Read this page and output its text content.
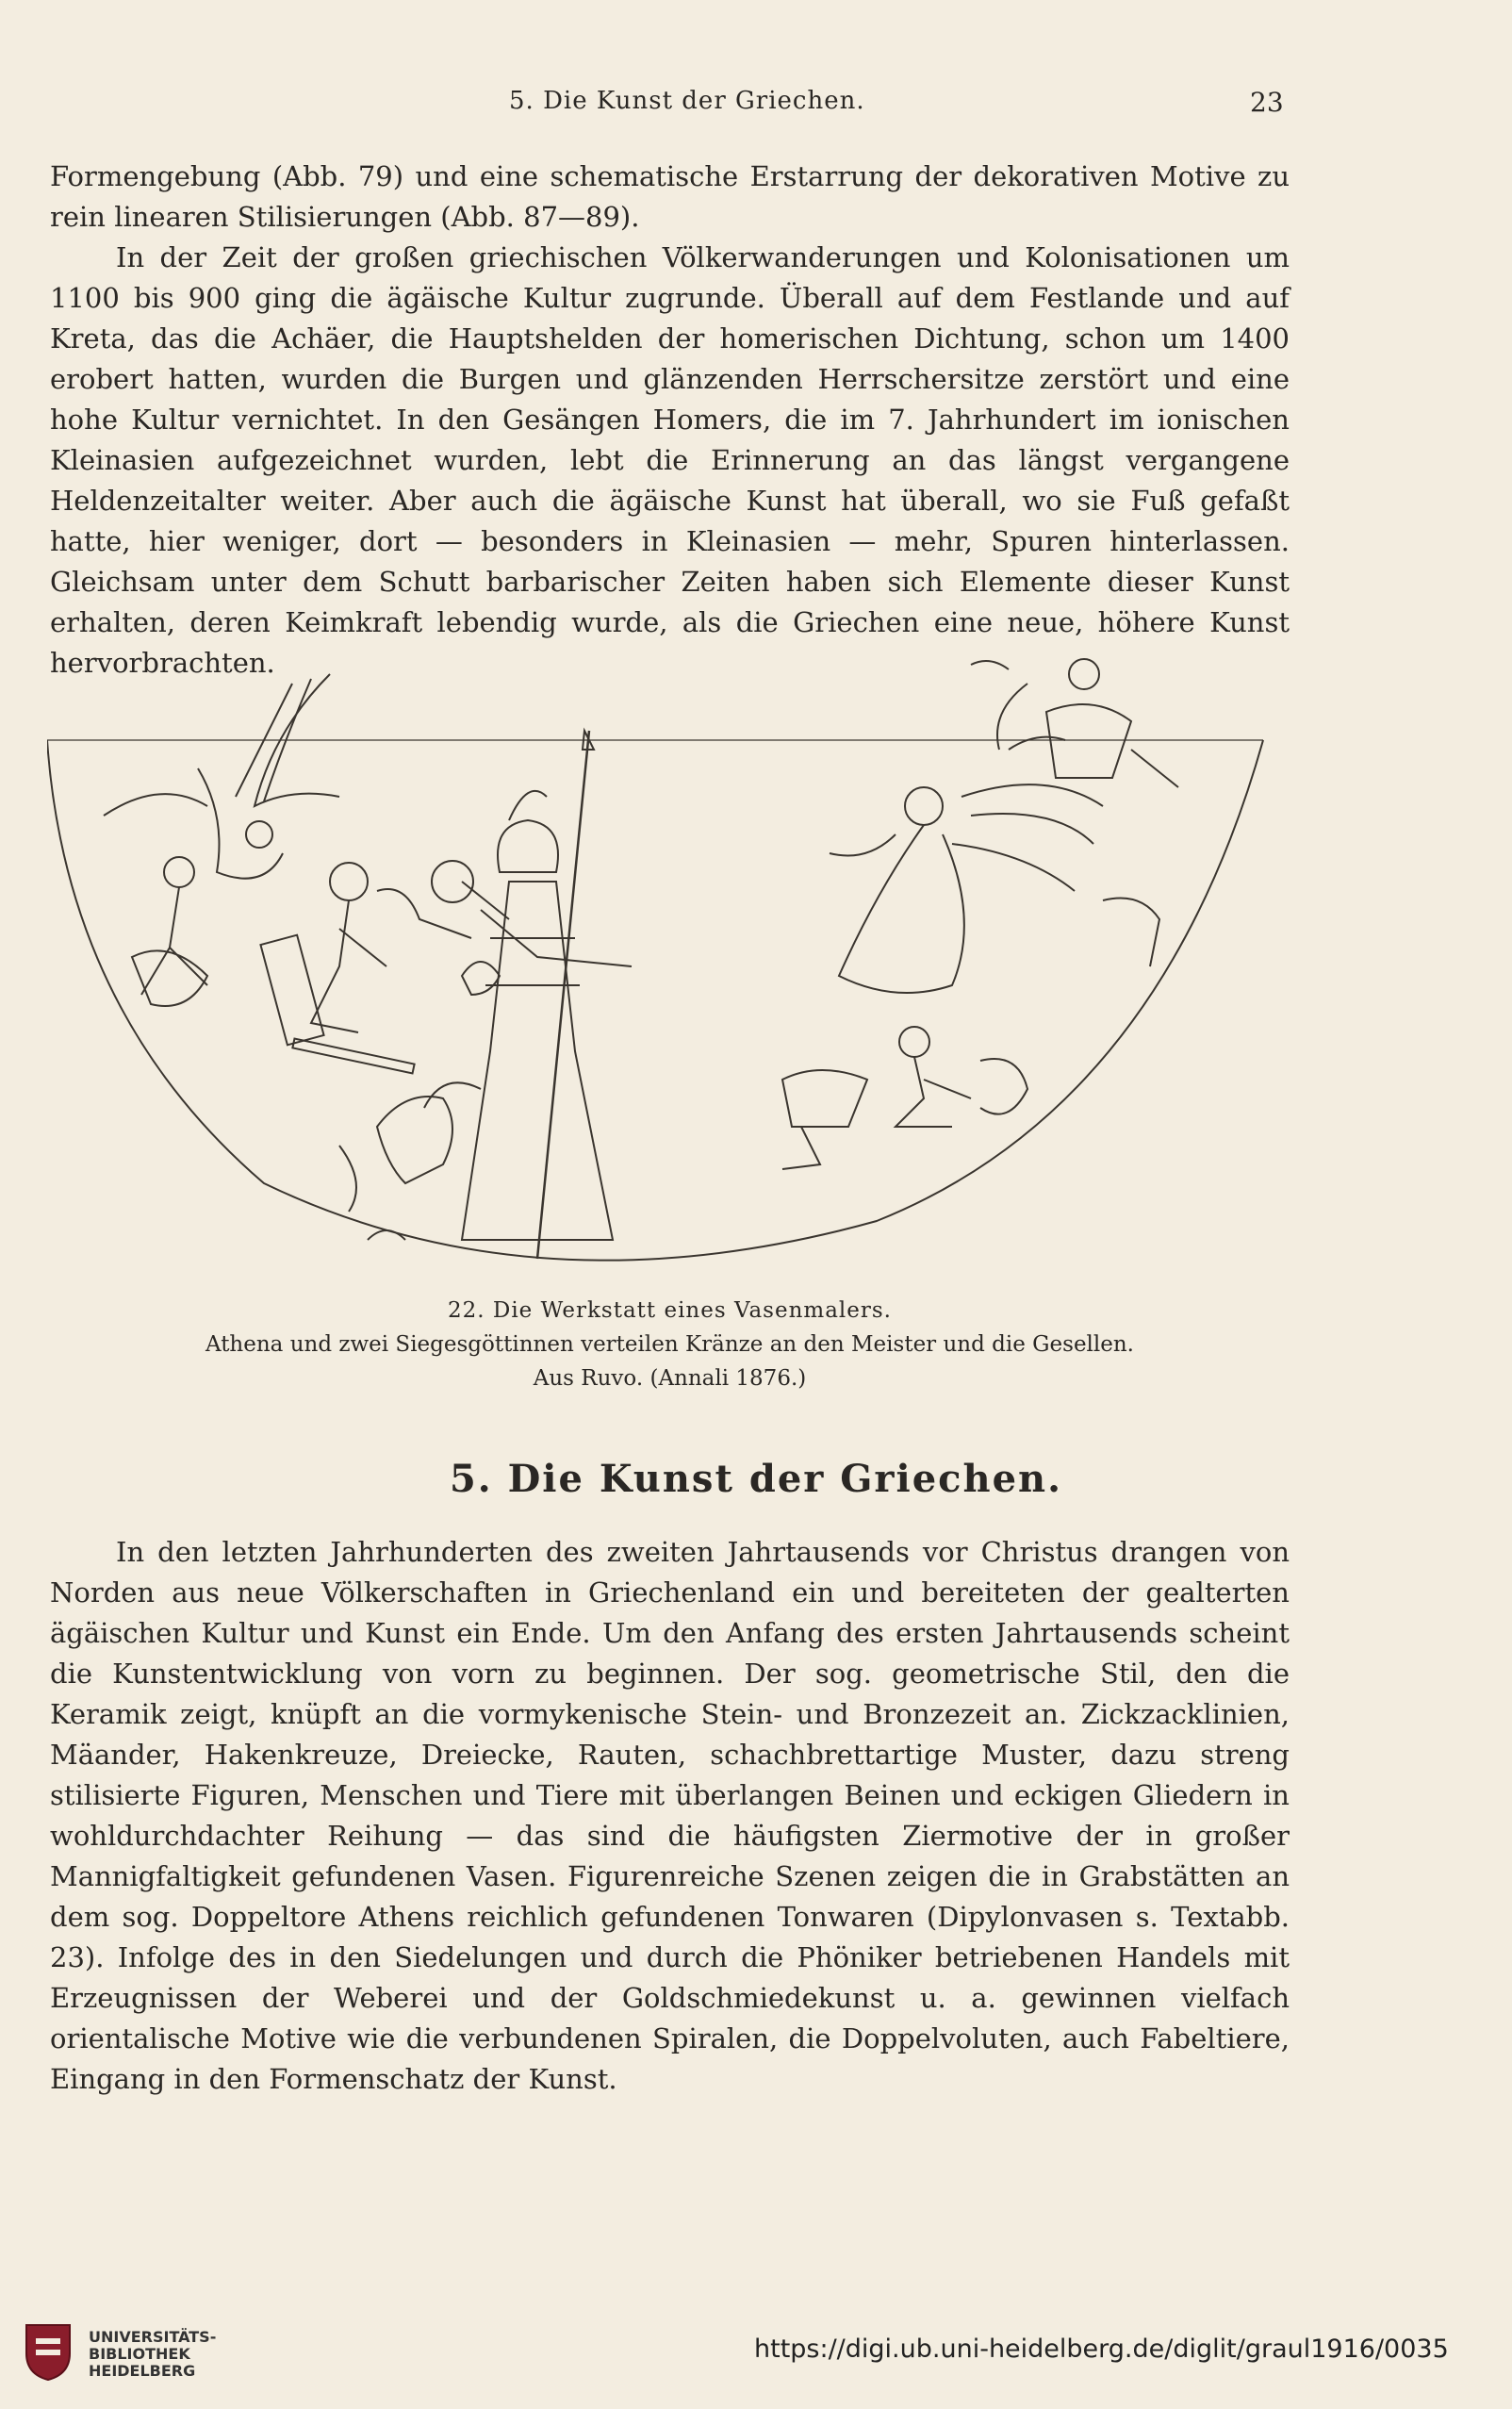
5. Die Kunst der Griechen.	23

Formengebung (Abb. 79) und eine schematische Erstarrung der dekorativen Motive zu rein linearen Stilisierungen (Abb. 87—89).

In der Zeit der großen griechischen Völkerwanderungen und Kolonisationen um 1100 bis 900 ging die ägäische Kultur zugrunde. Überall auf dem Festlande und auf Kreta, das die Achäer, die Hauptshelden der homerischen Dichtung, schon um 1400 erobert hatten, wurden die Burgen und glänzenden Herrschersitze zerstört und eine hohe Kultur vernichtet. In den Gesängen Homers, die im 7. Jahrhundert im ionischen Kleinasien aufgezeichnet wurden, lebt die Erinnerung an das längst vergangene Heldenzeitalter weiter. Aber auch die ägäische Kunst hat überall, wo sie Fuß gefaßt hatte, hier weniger, dort — besonders in Kleinasien — mehr, Spuren hinterlassen. Gleichsam unter dem Schutt barbarischer Zeiten haben sich Elemente dieser Kunst erhalten, deren Keimkraft lebendig wurde, als die Griechen eine neue, höhere Kunst hervorbrachten.

22. Die Werkstatt eines Vasenmalers.
Athena und zwei Siegesgöttinnen verteilen Kränze an den Meister und die Gesellen.
Aus Ruvo. (Annali 1876.)
5. Die Kunst der Griechen.

In den letzten Jahrhunderten des zweiten Jahrtausends vor Christus drangen von Norden aus neue Völkerschaften in Griechenland ein und bereiteten der gealterten ägäischen Kultur und Kunst ein Ende. Um den Anfang des ersten Jahrtausends scheint die Kunstentwicklung von vorn zu beginnen. Der sog. geometrische Stil, den die Keramik zeigt, knüpft an die vormykenische Stein- und Bronzezeit an. Zickzacklinien, Mäander, Hakenkreuze, Dreiecke, Rauten, schachbrettartige Muster, dazu streng stilisierte Figuren, Menschen und Tiere mit überlangen Beinen und eckigen Gliedern in wohldurchdachter Reihung — das sind die häufigsten Ziermotive der in großer Mannigfaltigkeit gefundenen Vasen. Figurenreiche Szenen zeigen die in Grabstätten an dem sog. Doppeltore Athens reichlich gefundenen Tonwaren (Dipylonvasen s. Textabb. 23). Infolge des in den Siedelungen und durch die Phöniker betriebenen Handels mit Erzeugnissen der Weberei und der Goldschmiedekunst u. a. gewinnen vielfach orientalische Motive wie die verbundenen Spiralen, die Doppelvoluten, auch Fabeltiere, Eingang in den Formenschatz der Kunst.

UNIVERSITÄTS-
BIBLIOTHEK
HEIDELBERG
https://digi.ub.uni-heidelberg.de/diglit/graul1916/0035
